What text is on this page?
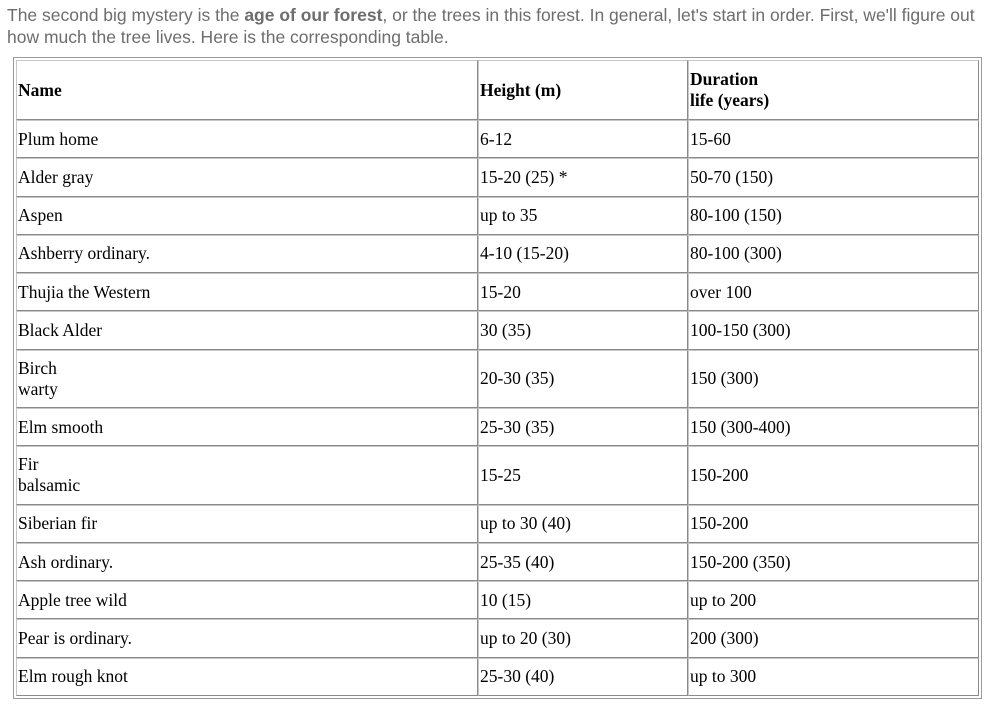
The second big mystery is the age of our forest, or the trees in this forest. In general, let's start in order. First, we'll figure out how much the tree lives. Here is the corresponding table.

Name	Height (m)	Duration
life (years)
Plum home	6-12	15-60
Alder gray	15-20 (25) *	50-70 (150)
Aspen	up to 35	80-100 (150)
Ashberry ordinary.	4-10 (15-20)	80-100 (300)
Thujia the Western	15-20	over 100
Black Alder	30 (35)	100-150 (300)
Birch
warty	20-30 (35)	150 (300)
Elm smooth	25-30 (35)	150 (300-400)
Fir
balsamic	15-25	150-200
Siberian fir	up to 30 (40)	150-200
Ash ordinary.	25-35 (40)	150-200 (350)
Apple tree wild	10 (15)	up to 200
Pear is ordinary.	up to 20 (30)	200 (300)
Elm rough knot	25-30 (40)	up to 300
